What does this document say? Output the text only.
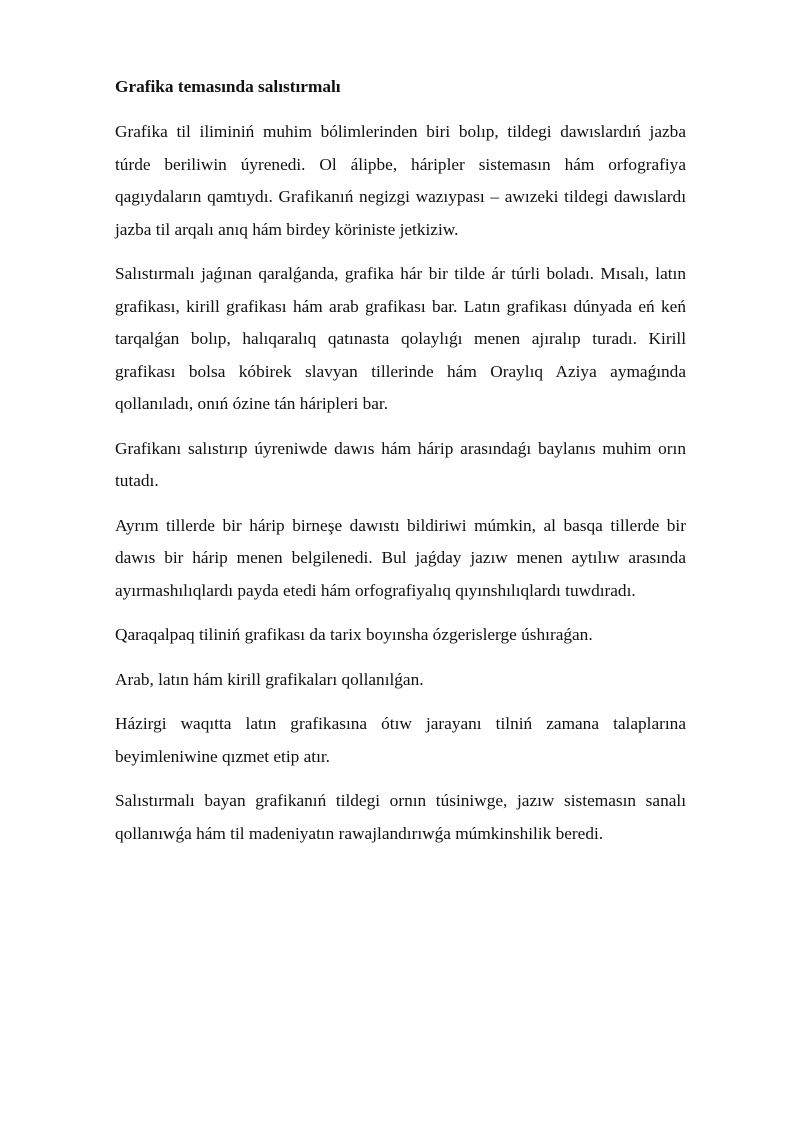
Grafika temasında salıstırmalı

Grafika til iliminiń muhim bólimlerinden biri bolıp, tildegi dawıslardıń jazba túrde beriliwin úyrenedi. Ol álipbe, háripler sistemasın hám orfografiya qagıydaların qamtıydı. Grafikanıń negizgi wazıypası – awızeki tildegi dawıslardı jazba til arqalı anıq hám birdey köriniste jetkiziw.

Salıstırmalı jaǵınan qaralǵanda, grafika hár bir tilde ár túrli boladı. Mısalı, latın grafikası, kirill grafikası hám arab grafikası bar. Latın grafikası dúnyada eń keń tarqalǵan bolıp, halıqaralıq qatınasta qolaylıǵı menen ajıralıp turadı. Kirill grafikası bolsa kóbirek slavyan tillerinde hám Oraylıq Aziya aymaǵında qollanıladı, onıń ózine tán háripleri bar.

Grafikanı salıstırıp úyreniwde dawıs hám hárip arasındaǵı baylanıs muhim orın tutadı.

Ayrım tillerde bir hárip birneşe dawıstı bildiriwi múmkin, al basqa tillerde bir dawıs bir hárip menen belgilenedi. Bul jaǵday jazıw menen aytılıw arasında ayırmashılıqlardı payda etedi hám orfografiyalıq qıyınshılıqlardı tuwdıradı.

Qaraqalpaq tiliniń grafikası da tarix boyınsha ózgerislerge úshıraǵan.

Arab, latın hám kirill grafikaları qollanılǵan.

Házirgi waqıtta latın grafikasına ótıw jarayanı tilniń zamana talaplarına beyimleniwine qızmet etip atır.

Salıstırmalı bayan grafikanıń tildegi ornın túsiniwge, jazıw sistemasın sanalı qollanıwǵa hám til madeniyatın rawajlandırıwǵa múmkinshilik beredi.
